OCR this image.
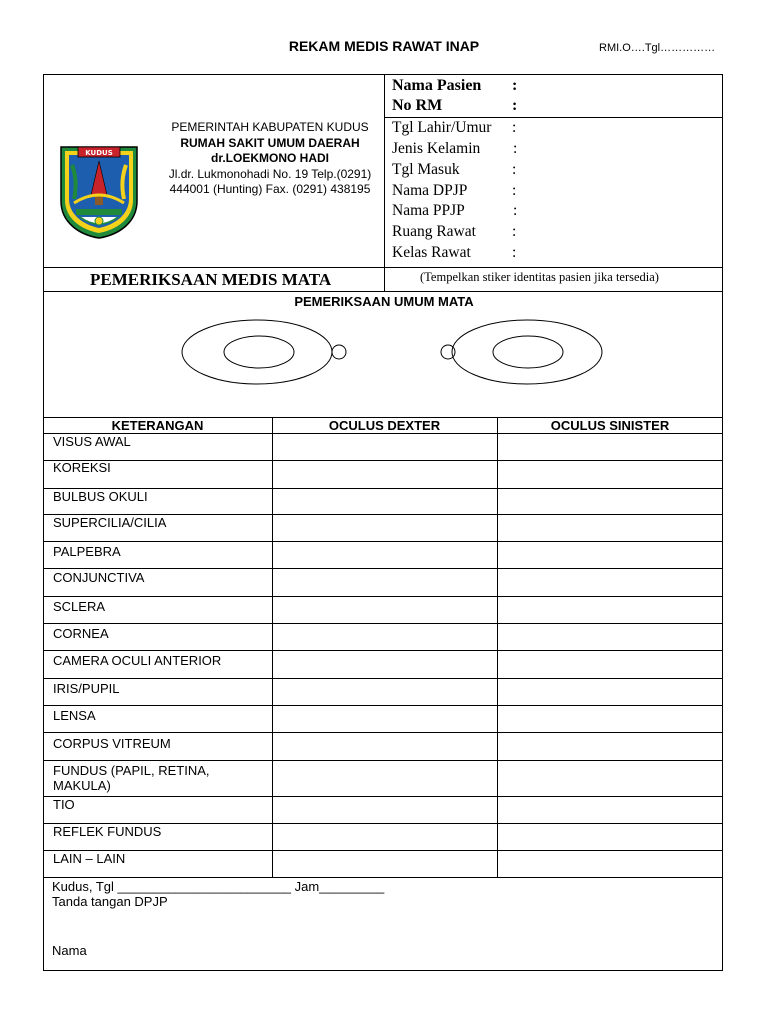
REKAM MEDIS RAWAT INAP	RMI.O….Tgl……………
KUDUS
PEMERINTAH KABUPATEN KUDUS
RUMAH SAKIT UMUM DAERAH
dr.LOEKMONO HADI
Jl.dr. Lukmonohadi No. 19 Telp.(0291)
444001 (Hunting) Fax. (0291) 438195
Nama Pasien :
No RM	:
Tgl Lahir/Umur :
Jenis Kelamin :
Tgl Masuk	:
Nama DPJP	:
Nama PPJP	:
Ruang Rawat :
Kelas Rawat	:
PEMERIKSAAN MEDIS MATA	(Tempelkan stiker identitas pasien jika tersedia)
PEMERIKSAAN UMUM MATA
KETERANGAN	OCULUS DEXTER	OCULUS SINISTER
VISUS AWAL
KOREKSI
BULBUS OKULI
SUPERCILIA/CILIA
PALPEBRA
CONJUNCTIVA
SCLERA
CORNEA
CAMERA OCULI ANTERIOR
IRIS/PUPIL
LENSA
CORPUS VITREUM
FUNDUS (PAPIL, RETINA, MAKULA)
TIO
REFLEK FUNDUS
LAIN – LAIN
Kudus, Tgl ________________________ Jam_________
Tanda tangan DPJP
Nama
